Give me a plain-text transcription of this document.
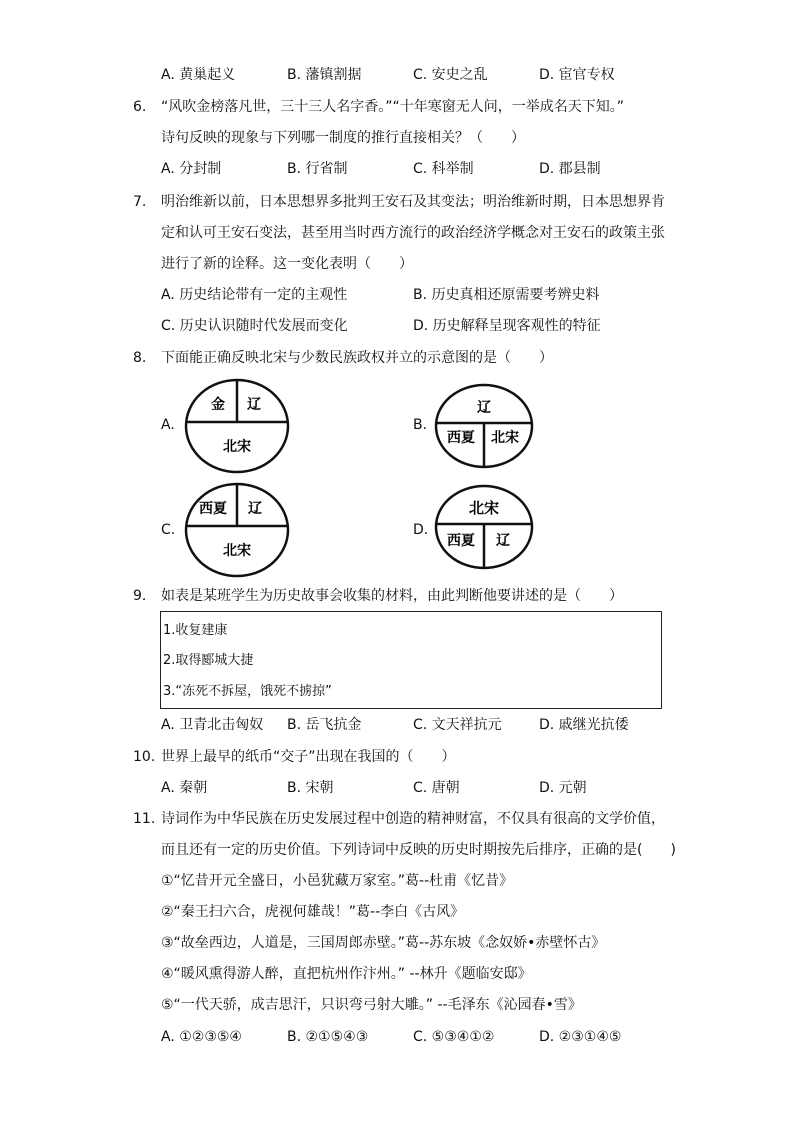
A. 黄巢起义	B. 藩镇割据	C. 安史之乱	D. 宦官专权
6. “风吹金榜落凡世，三十三人名字香。”“十年寒窗无人问，一举成名天下知。”
诗句反映的现象与下列哪一制度的推行直接相关？（　　）
A. 分封制	B. 行省制	C. 科举制	D. 郡县制
7. 明治维新以前，日本思想界多批判王安石及其变法；明治维新时期，日本思想界肯
定和认可王安石变法，甚至用当时西方流行的政治经济学概念对王安石的政策主张
进行了新的诠释。这一变化表明（　　）
A. 历史结论带有一定的主观性	B. 历史真相还原需要考辨史料
C. 历史认识随时代发展而变化	D. 历史解释呈现客观性的特征
8. 下面能正确反映北宋与少数民族政权并立的示意图的是（　　）
A.
金 辽
北宋
B.
辽
西夏 北宋
C.
西夏 辽
北宋
D.
北宋
西夏 辽
9. 如表是某班学生为历史故事会收集的材料，由此判断他要讲述的是（　　）
1.收复建康
2.取得郾城大捷
3.“冻死不拆屋，饿死不掳掠”
A. 卫青北击匈奴 B. 岳飞抗金	C. 文天祥抗元	D. 戚继光抗倭
10. 世界上最早的纸币“交子”出现在我国的（　　）
A. 秦朝	B. 宋朝	C. 唐朝	D. 元朝
11. 诗词作为中华民族在历史发展过程中创造的精神财富，不仅具有很高的文学价值，
而且还有一定的历史价值。下列诗词中反映的历史时期按先后排序，正确的是(　　)
①“忆昔开元全盛日，小邑犹藏万家室。”葛--杜甫《忆昔》
②“秦王扫六合，虎视何雄哉！”葛--李白《古风》
③“故垒西边，人道是，三国周郎赤壁。”葛--苏东坡《念奴娇•赤壁怀古》
④“暖风熏得游人醉，直把杭州作汴州。” --林升《题临安邸》
⑤“一代天骄，成吉思汗，只识弯弓射大雕。” --毛泽东《沁园春•雪》
A. ①②③⑤④	B. ②①⑤④③	C. ⑤③④①②	D. ②③①④⑤
